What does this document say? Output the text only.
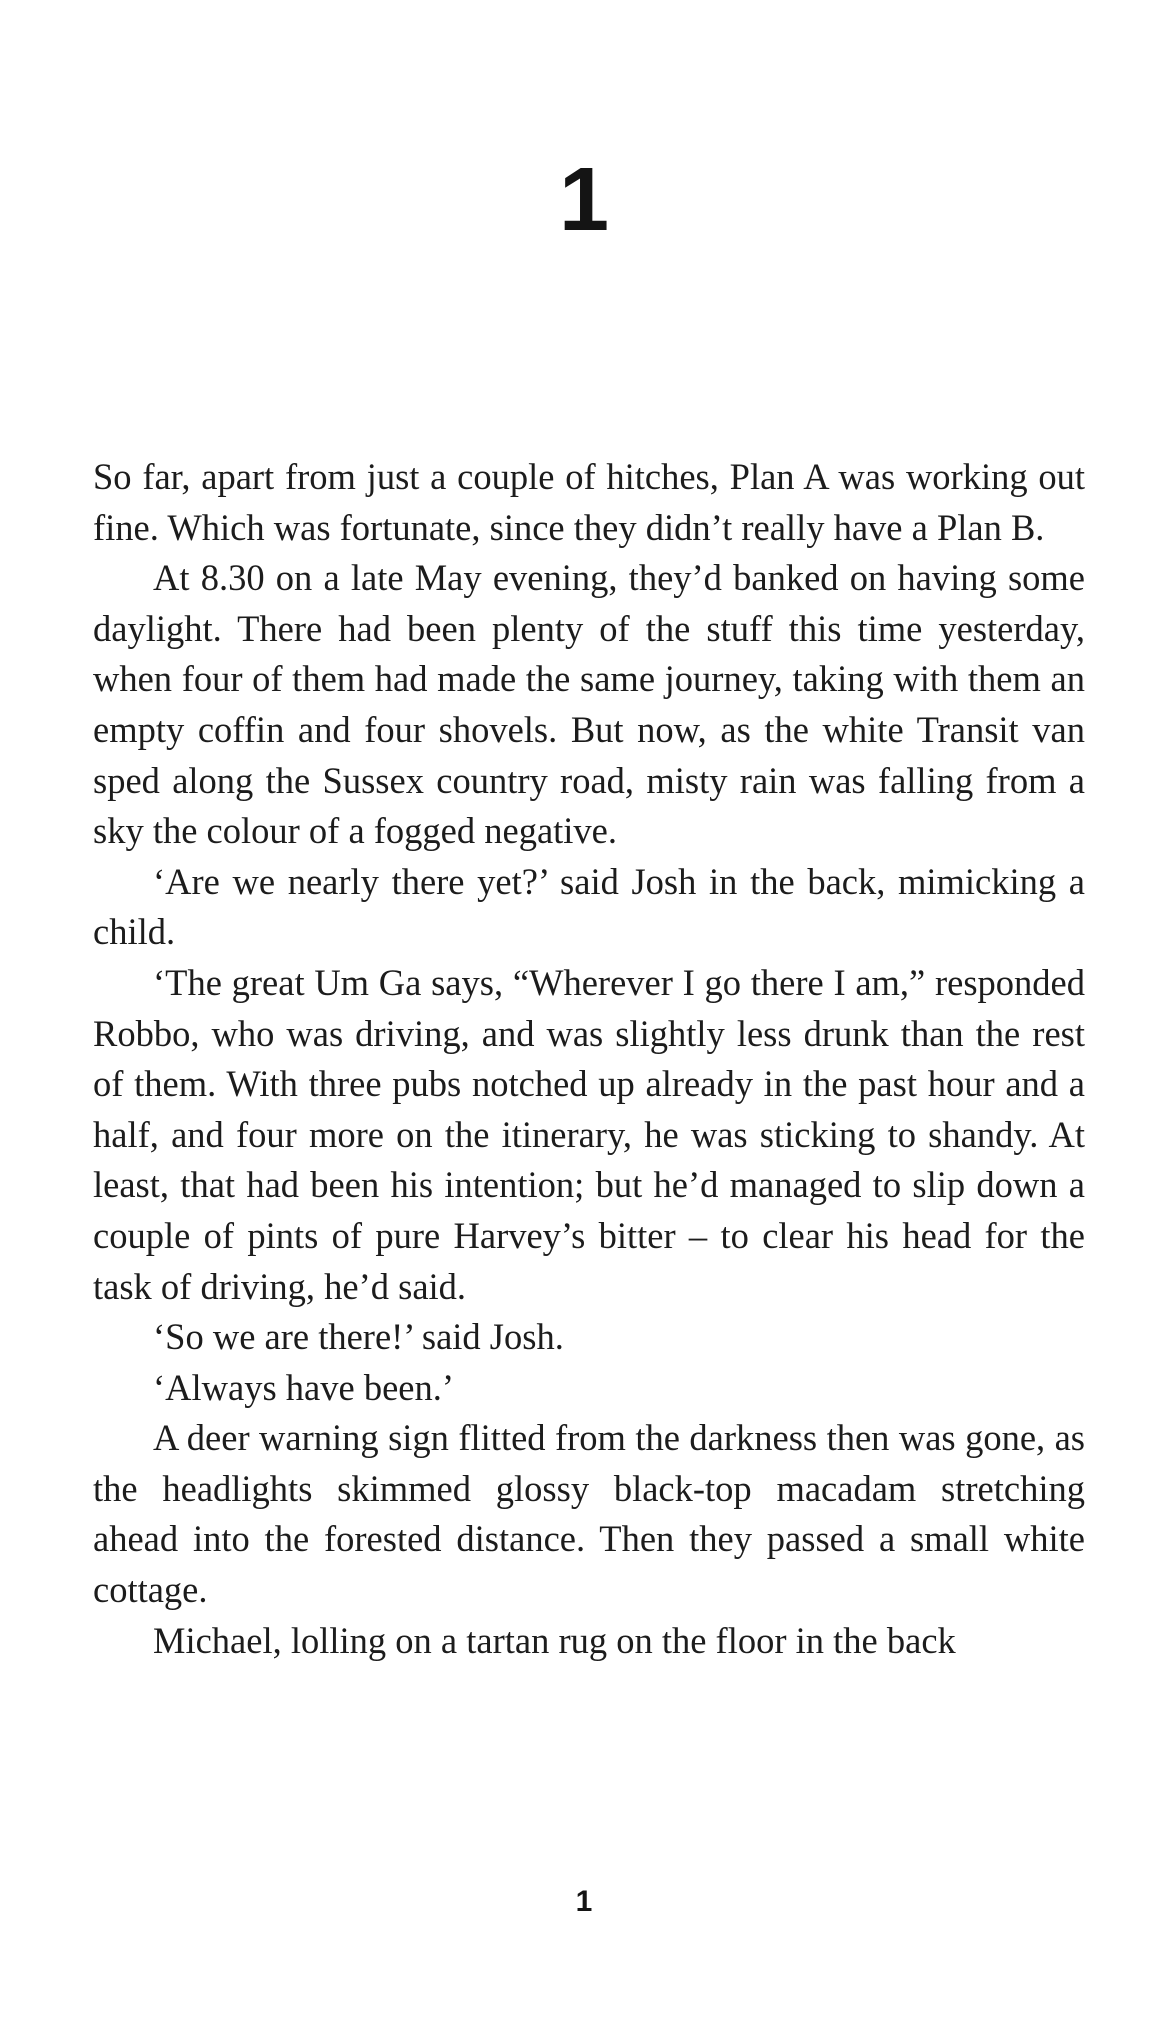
1

So far, apart from just a couple of hitches, Plan A was working out fine. Which was fortunate, since they didn’t really have a Plan B.

At 8.30 on a late May evening, they’d banked on having some daylight. There had been plenty of the stuff this time yesterday, when four of them had made the same journey, taking with them an empty coffin and four shovels. But now, as the white Transit van sped along the Sussex country road, misty rain was falling from a sky the colour of a fogged negative.

‘Are we nearly there yet?’ said Josh in the back, mimicking a child.

‘The great Um Ga says, “Wherever I go there I am,” responded Robbo, who was driving, and was slightly less drunk than the rest of them. With three pubs notched up already in the past hour and a half, and four more on the itinerary, he was sticking to shandy. At least, that had been his intention; but he’d managed to slip down a couple of pints of pure Harvey’s bitter – to clear his head for the task of driving, he’d said.

‘So we are there!’ said Josh.

‘Always have been.’

A deer warning sign flitted from the darkness then was gone, as the headlights skimmed glossy black-top macadam stretching ahead into the forested distance. Then they passed a small white cottage.

Michael, lolling on a tartan rug on the floor in the back

1
